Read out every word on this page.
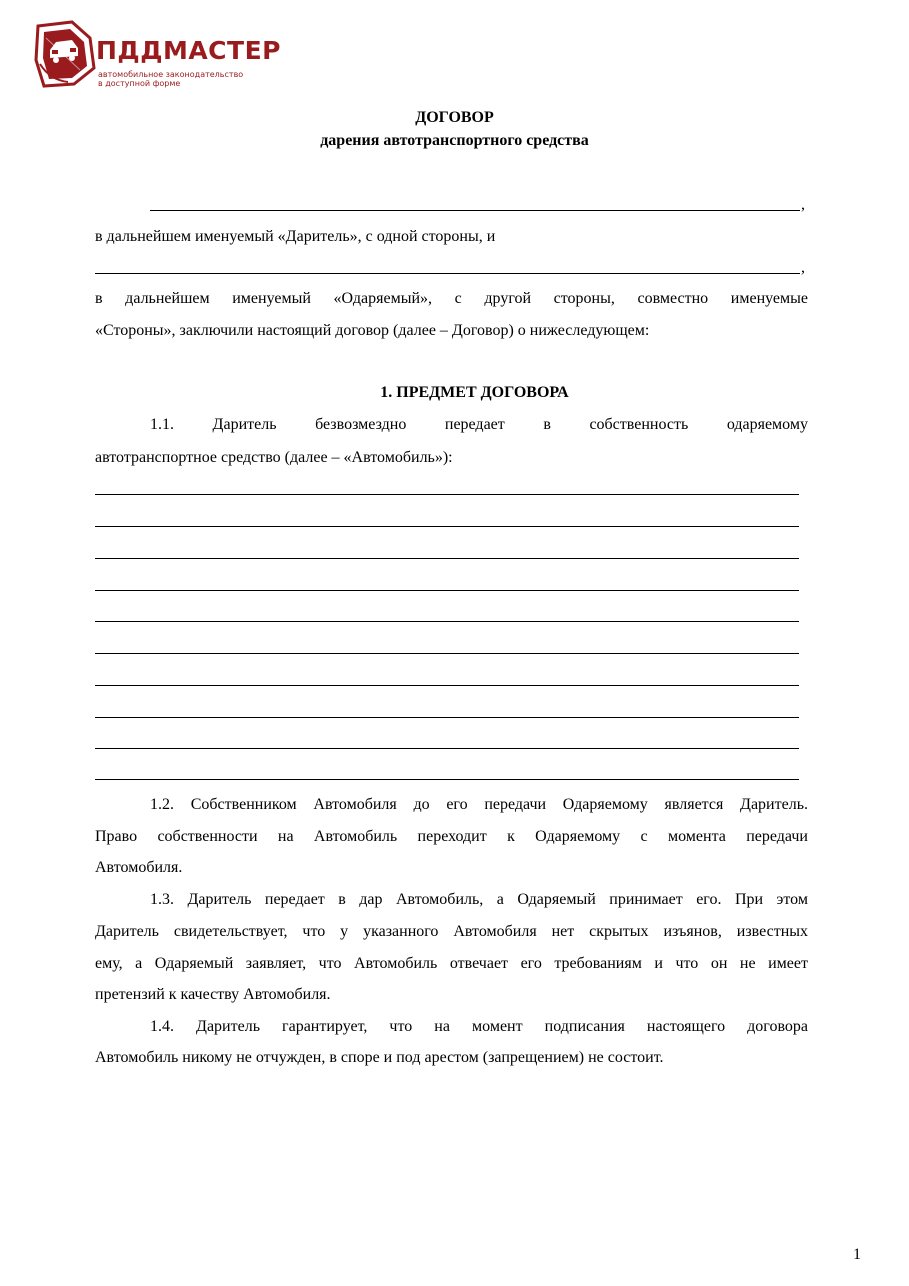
ПДДМАСТЕР
автомобильное законодательство
в доступной форме
ДОГОВОР
дарения автотранспортного средства
,
в дальнейшем именуемый «Даритель», с одной стороны, и
,
в дальнейшем именуемый «Одаряемый», с другой стороны, совместно именуемые
«Стороны», заключили настоящий договор (далее – Договор) о нижеследующем:
1. ПРЕДМЕТ ДОГОВОРА
1.1. Даритель безвозмездно передает в собственность одаряемому
автотранспортное средство (далее – «Автомобиль»):
1.2. Собственником Автомобиля до его передачи Одаряемому является Даритель.
Право собственности на Автомобиль переходит к Одаряемому с момента передачи
Автомобиля.
1.3. Даритель передает в дар Автомобиль, а Одаряемый принимает его. При этом
Даритель свидетельствует, что у указанного Автомобиля нет скрытых изъянов, известных
ему, а Одаряемый заявляет, что Автомобиль отвечает его требованиям и что он не имеет
претензий к качеству Автомобиля.
1.4. Даритель гарантирует, что на момент подписания настоящего договора
Автомобиль никому не отчужден, в споре и под арестом (запрещением) не состоит.
1
